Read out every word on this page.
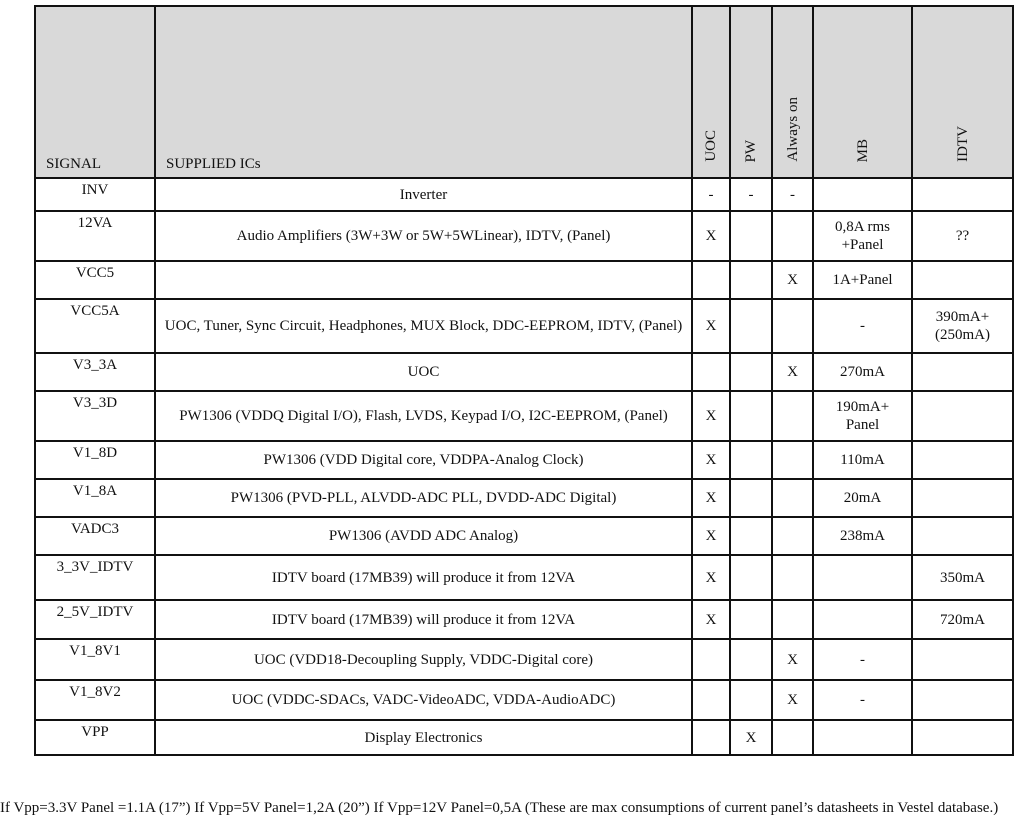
SIGNAL	SUPPLIED ICs	UOC	PW	Always on	MB	IDTV
INV	Inverter	-	-	-		
12VA	Audio Amplifiers (3W+3W or 5W+5WLinear), IDTV, (Panel)	X			0,8A rms +Panel	??
VCC5				X	1A+Panel	
VCC5A	UOC, Tuner, Sync Circuit, Headphones, MUX Block, DDC-EEPROM, IDTV, (Panel)	X			-	390mA+ (250mA)
V3_3A	UOC			X	270mA	
V3_3D	PW1306 (VDDQ Digital I/O), Flash, LVDS, Keypad I/O, I2C-EEPROM, (Panel)	X			190mA+ Panel	
V1_8D	PW1306 (VDD Digital core, VDDPA-Analog Clock)	X			110mA	
V1_8A	PW1306 (PVD-PLL, ALVDD-ADC PLL, DVDD-ADC Digital)	X			20mA	
VADC3	PW1306 (AVDD ADC Analog)	X			238mA	
3_3V_IDTV	IDTV board (17MB39) will produce it from 12VA	X				350mA
2_5V_IDTV	IDTV board (17MB39) will produce it from 12VA	X				720mA
V1_8V1	UOC (VDD18-Decoupling Supply, VDDC-Digital core)			X	-	
V1_8V2	UOC (VDDC-SDACs, VADC-VideoADC, VDDA-AudioADC)			X	-	
VPP	Display Electronics		X			
If Vpp=3.3V Panel =1.1A (17”) If Vpp=5V Panel=1,2A (20”) If Vpp=12V Panel=0,5A (These are max consumptions of current panel’s datasheets in Vestel database.)
